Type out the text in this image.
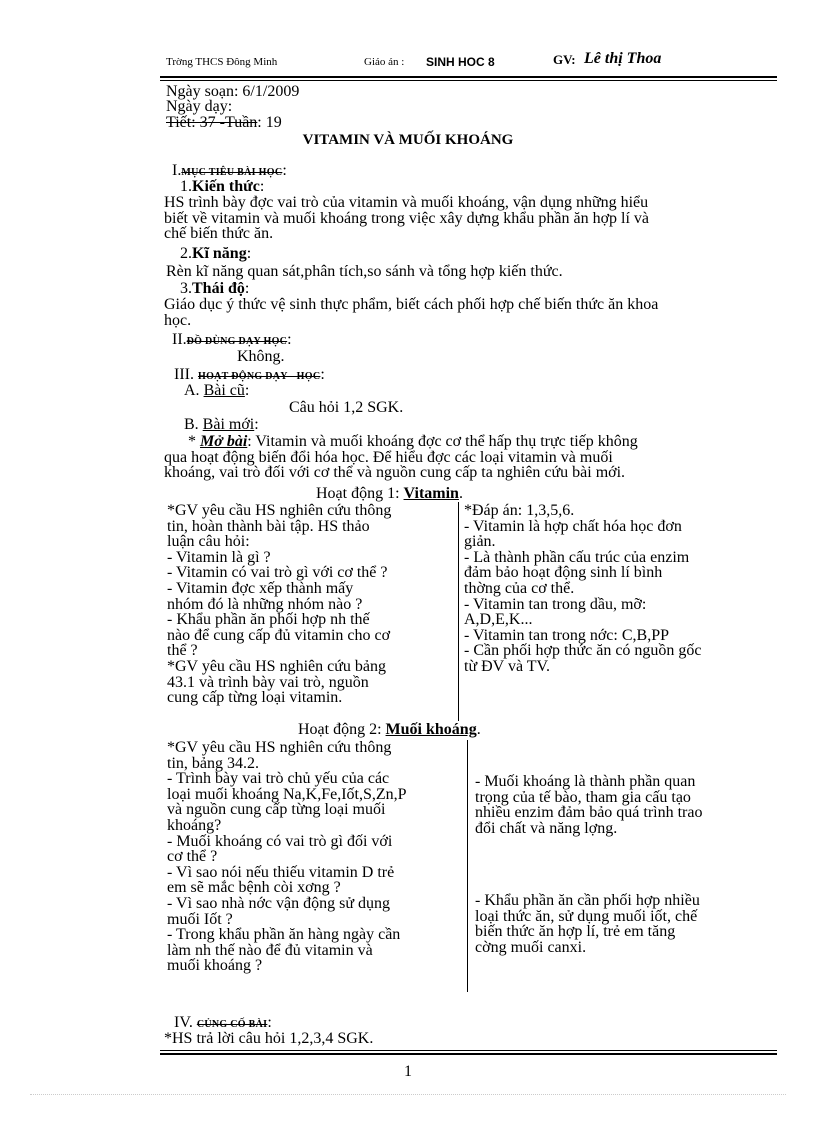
Trờng THCS Đông Minh	Giáo án : SINH HOC 8	GV: Lê thị Thoa
Ngày soạn: 6/1/2009
Ngày dạy:
Tiết: 37 -Tuần: 19
VITAMIN VÀ MUỐI KHOÁNG
I.MỤC TIÊU BÀI HỌC:
1.Kiến thức:
HS trình bày đợc vai trò của vitamin và muối khoáng, vận dụng những hiểu
biết về vitamin và muối khoáng trong việc xây dựng khẩu phần ăn hợp lí và
chế biến thức ăn.
2.Kĩ năng:
Rèn kĩ năng quan sát,phân tích,so sánh và tổng hợp kiến thức.
3.Thái độ:
Giáo dục ý thức vệ sinh thực phẩm, biết cách phối hợp chế biến thức ăn khoa
học.
II.ĐỒ DÙNG DẠY HỌC:
Không.
III. HOẠT ĐỘNG DẠY - HỌC:
A. Bài cũ:
Câu hỏi 1,2 SGK.
B. Bài mới:
* Mở bài: Vitamin và muối khoáng đợc cơ thể hấp thụ trực tiếp không
qua hoạt động biến đổi hóa học. Để hiểu đợc các loại vitamin và muối
khoáng, vai trò đối với cơ thể và nguồn cung cấp ta nghiên cứu bài mới.
Hoạt động 1: Vitamin.
*GV yêu cầu HS nghiên cứu thông
tin, hoàn thành bài tập. HS thảo
luận câu hỏi:
- Vitamin là gì ?
- Vitamin có vai trò gì với cơ thể ?
- Vitamin đợc xếp thành mấy
nhóm đó là những nhóm nào ?
- Khẩu phần ăn phối hợp nh thế
nào để cung cấp đủ vitamin cho cơ
thể ?
*GV yêu cầu HS nghiên cứu bảng
43.1 và trình bày vai trò, nguồn
cung cấp từng loại vitamin.
*Đáp án: 1,3,5,6.
- Vitamin là hợp chất hóa học đơn
giản.
- Là thành phần cấu trúc của enzim
đảm bảo hoạt động sinh lí bình
thờng của cơ thể.
- Vitamin tan trong dầu, mỡ:
A,D,E,K...
- Vitamin tan trong nớc: C,B,PP
- Cần phối hợp thức ăn có nguồn gốc
từ ĐV và TV.
Hoạt động 2: Muối khoáng.
*GV yêu cầu HS nghiên cứu thông
tin, bảng 34.2.
- Trình bày vai trò chủ yếu của các
loại muối khoáng Na,K,Fe,Iốt,S,Zn,P
và nguồn cung cấp từng loại muối
khoáng?
- Muối khoáng có vai trò gì đối với
cơ thể ?
- Vì sao nói nếu thiếu vitamin D trẻ
em sẽ mắc bệnh còi xơng ?
- Vì sao nhà nớc vận động sử dụng
muối Iốt ?
- Trong khẩu phần ăn hàng ngày cần
làm nh thế nào để đủ vitamin và
muối khoáng ?
- Muối khoáng là thành phần quan
trọng của tế bào, tham gia cấu tạo
nhiều enzim đảm bảo quá trình trao
đổi chất và năng lợng.
- Khẩu phần ăn cần phối hợp nhiều
loại thức ăn, sử dụng muối iốt, chế
biến thức ăn hợp lí, trẻ em tăng
cờng muối canxi.
IV. CỦNG CỐ BÀI:
*HS trả lời câu hỏi 1,2,3,4 SGK.
1
